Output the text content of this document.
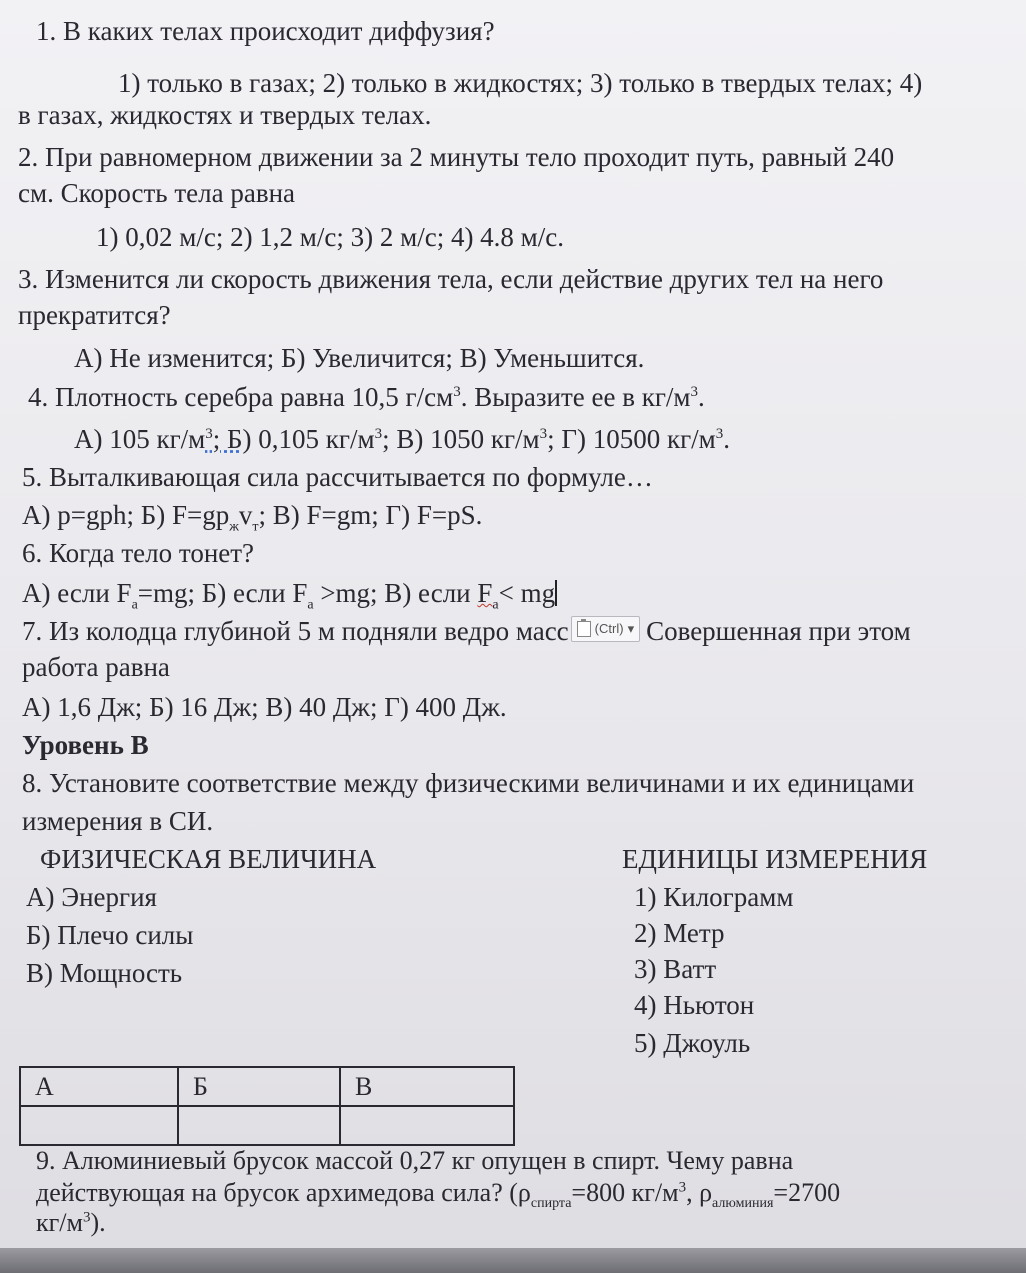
1. В каких телах происходит диффузия?
1) только в газах; 2) только в жидкостях; 3) только в твердых телах; 4)
в газах, жидкостях и твердых телах.
2. При равномерном движении за 2 минуты тело проходит путь, равный 240
см. Скорость тела равна
1) 0,02 м/с; 2) 1,2 м/с; 3) 2 м/с; 4) 4.8 м/с.
3. Изменится ли скорость движения тела, если действие других тел на него
прекратится?
А) Не изменится; Б) Увеличится; В) Уменьшится.
4. Плотность серебра равна 10,5 $г/см^3$. Выразите ее в $кг/м^3$.
А) 105 $кг/м^3$; Б) 0,105 $кг/м^3$; В) 1050 $кг/м^3$; Г) 10500 $кг/м^3$.
5. Выталкивающая сила рассчитывается по формуле…
А) p=gph; Б) $F=gp_жv_т$; В) F=gm; Г) F=pS.
6. Когда тело тонет?
А) если $F_а=mg$; Б) если $F_а >mg$; В) если $F_а<$ mg
7. Из колодца глубиной 5 м подняли ведро масс (Ctrl) ▾ Совершенная при этом
работа равна
А) 1,6 Дж; Б) 16 Дж; В) 40 Дж; Г) 400 Дж.
Уровень В
8. Установите соответствие между физическими величинами и их единицами
измерения в СИ.
ФИЗИЧЕСКАЯ ВЕЛИЧИНА	ЕДИНИЦЫ ИЗМЕРЕНИЯ
А) Энергия
Б) Плечо силы
В) Мощность
1) Килограмм
2) Метр
3) Ватт
4) Ньютон
5) Джоуль
А	Б	В

9. Алюминиевый брусок массой 0,27 кг опущен в спирт. Чему равна
действующая на брусок архимедова сила? ($\rho_{спирта}=800$ $кг/м^3$, $\rho_{алюминия}=2700$
$кг/м^3$).
